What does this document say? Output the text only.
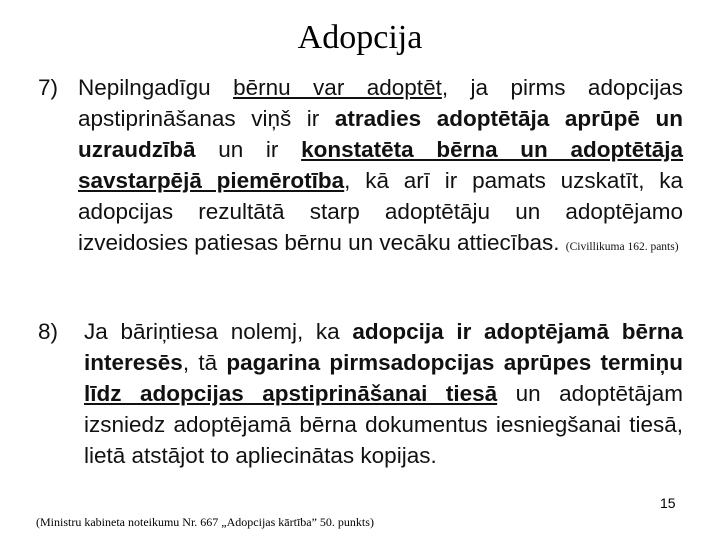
Adopcija
7) Nepilngadīgu bērnu var adoptēt, ja pirms adopcijas apstiprināšanas viņš ir atradies adoptētāja aprūpē un uzraudzībā un ir konstatēta bērna un adoptētāja savstarpējā piemērotība, kā arī ir pamats uzskatīt, ka adopcijas rezultātā starp adoptētāju un adoptējamo izveidosies patiesas bērnu un vecāku attiecības. (Civillikuma 162. pants)
8) Ja bāriņtiesa nolemj, ka adopcija ir adoptējamā bērna interesēs, tā pagarina pirmsadopcijas aprūpes termiņu līdz adopcijas apstiprināšanai tiesā un adoptētājam izsniedz adoptējamā bērna dokumentus iesniegšanai tiesā, lietā atstājot to apliecinātas kopijas.
15
(Ministru kabineta noteikumu Nr. 667 „Adopcijas kārtība” 50. punkts)
